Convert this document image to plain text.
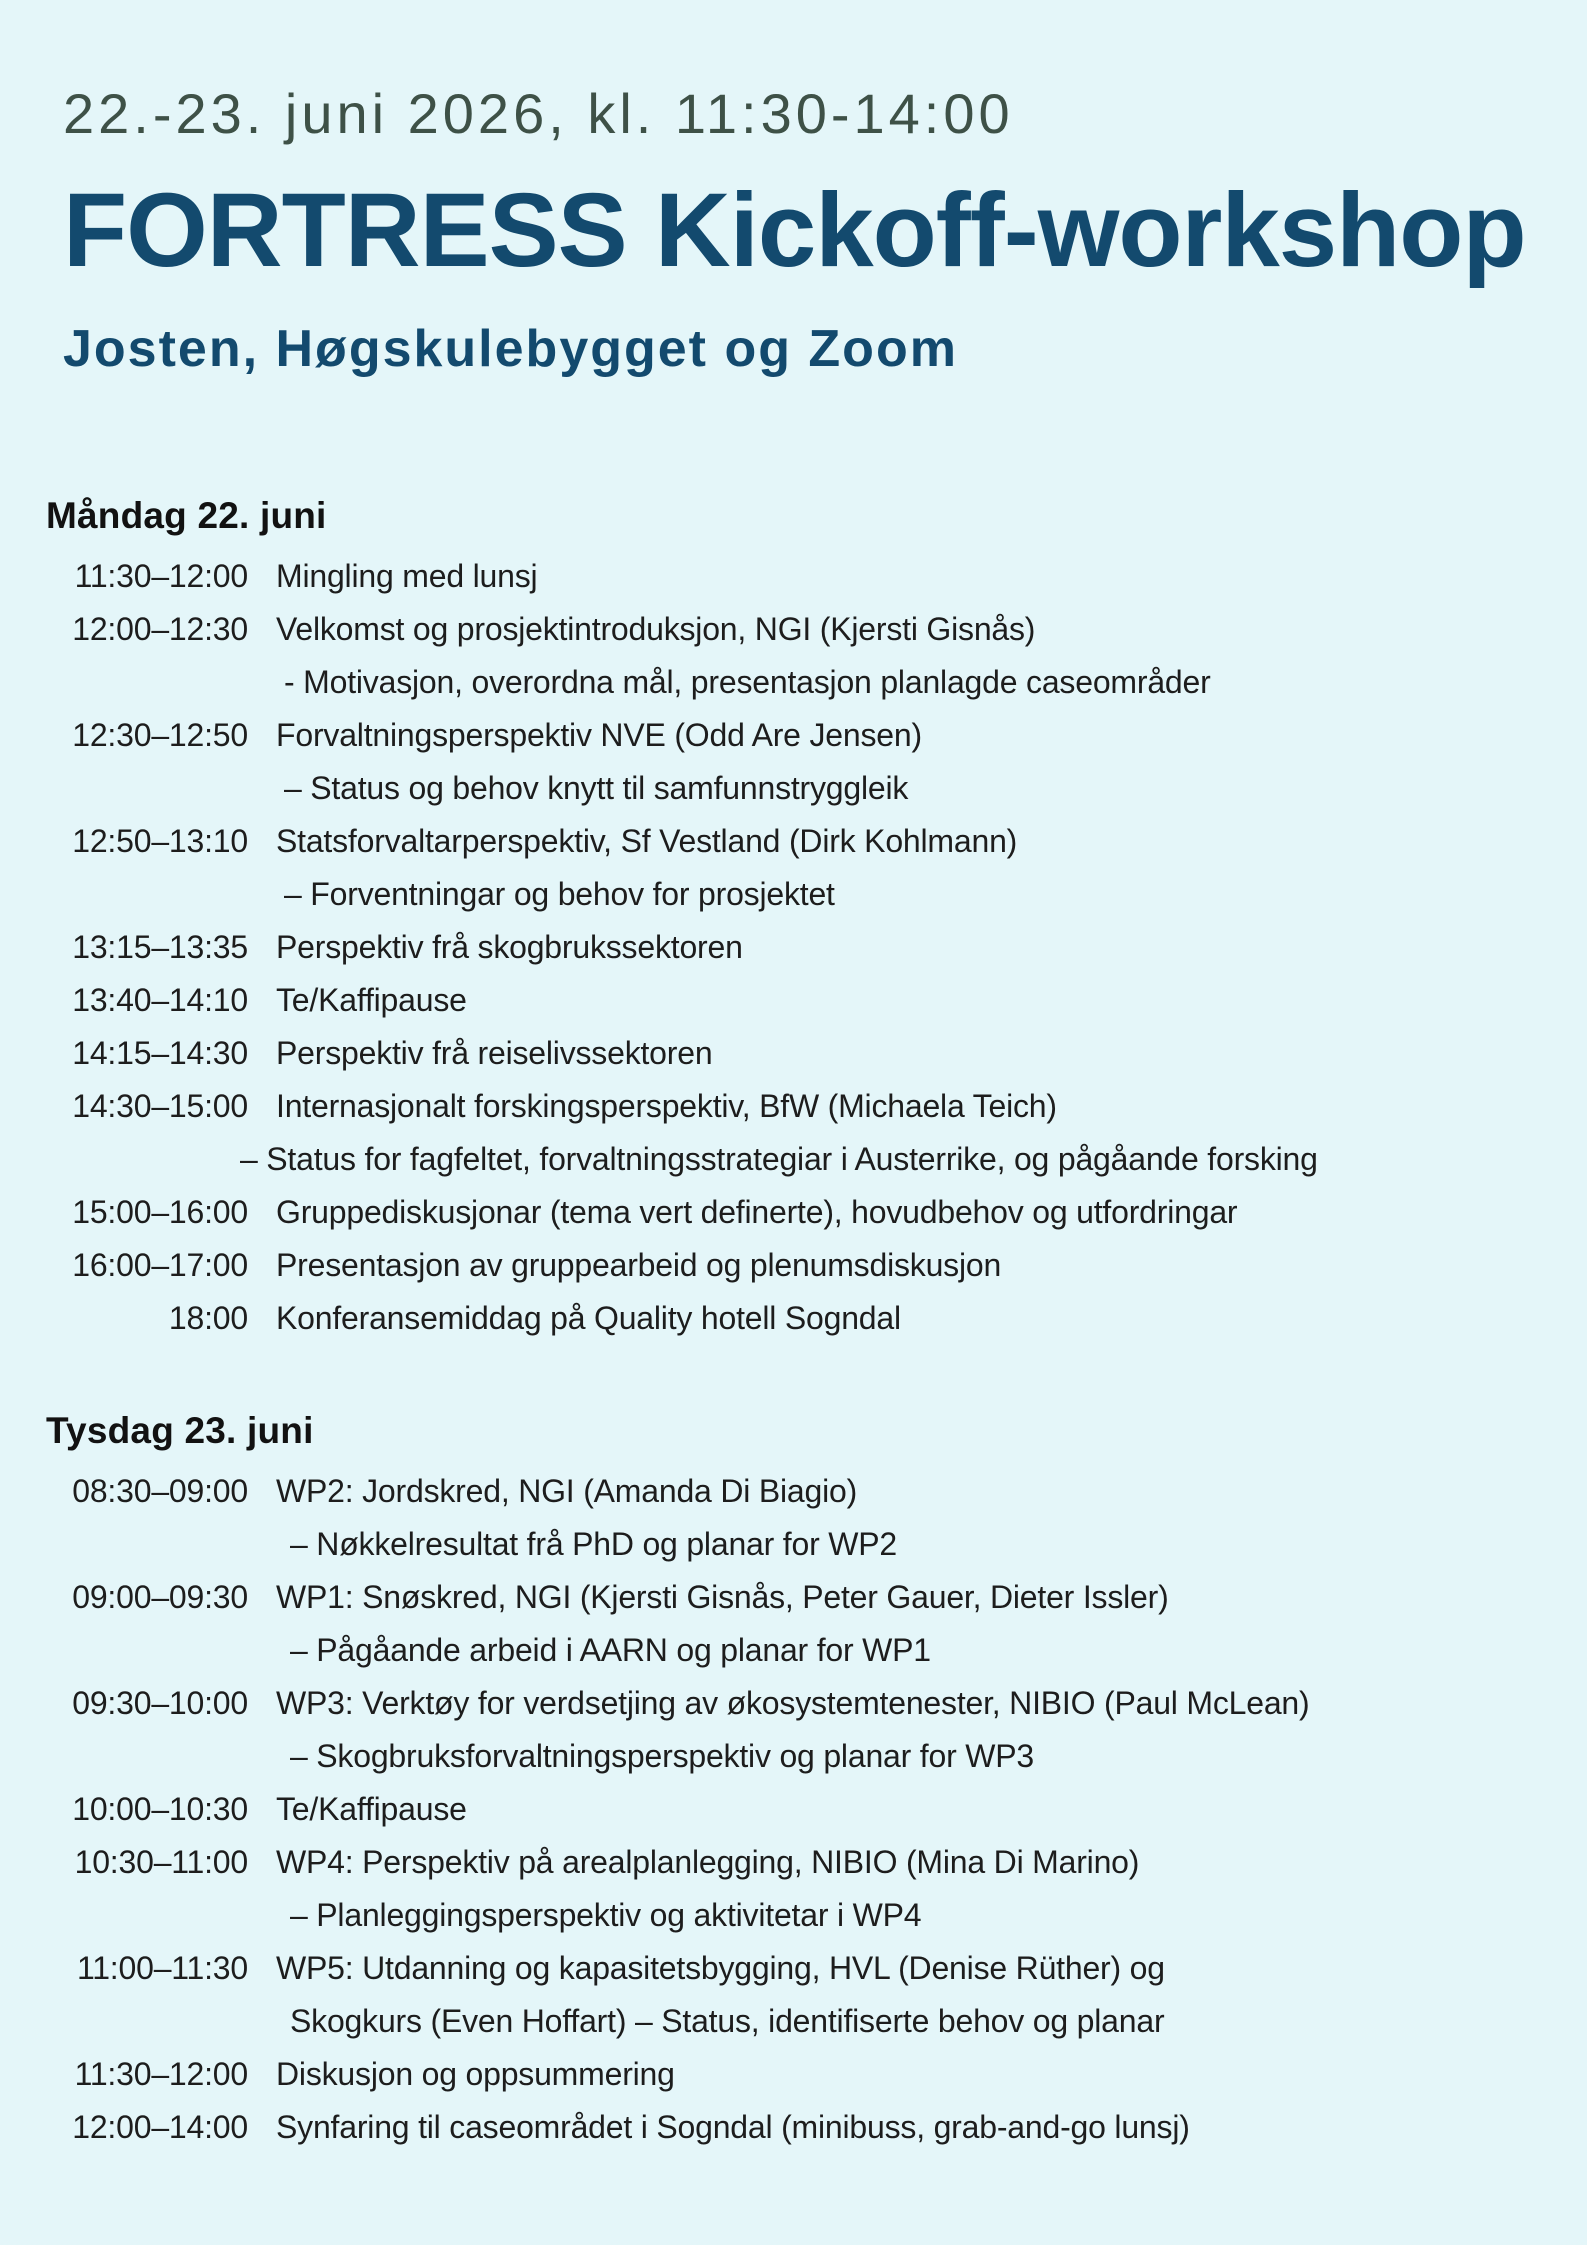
22.-23. juni 2026, kl. 11:30-14:00
FORTRESS Kickoff-workshop
Josten, Høgskulebygget og Zoom
Måndag 22. juni
11:30–12:00 Mingling med lunsj
12:00–12:30 Velkomst og prosjektintroduksjon, NGI (Kjersti Gisnås)
- Motivasjon, overordna mål, presentasjon planlagde caseområder
12:30–12:50 Forvaltningsperspektiv NVE (Odd Are Jensen)
– Status og behov knytt til samfunnstryggleik
12:50–13:10 Statsforvaltarperspektiv, Sf Vestland (Dirk Kohlmann)
– Forventningar og behov for prosjektet
13:15–13:35 Perspektiv frå skogbrukssektoren
13:40–14:10 Te/Kaffipause
14:15–14:30 Perspektiv frå reiselivssektoren
14:30–15:00 Internasjonalt forskingsperspektiv, BfW (Michaela Teich)
– Status for fagfeltet, forvaltningsstrategiar i Austerrike, og pågåande forsking
15:00–16:00 Gruppediskusjonar (tema vert definerte), hovudbehov og utfordringar
16:00–17:00 Presentasjon av gruppearbeid og plenumsdiskusjon
18:00 Konferansemiddag på Quality hotell Sogndal
Tysdag 23. juni
08:30–09:00 WP2: Jordskred, NGI (Amanda Di Biagio)
– Nøkkelresultat frå PhD og planar for WP2
09:00–09:30 WP1: Snøskred, NGI (Kjersti Gisnås, Peter Gauer, Dieter Issler)
– Pågåande arbeid i AARN og planar for WP1
09:30–10:00 WP3: Verktøy for verdsetjing av økosystemtenester, NIBIO (Paul McLean)
– Skogbruksforvaltningsperspektiv og planar for WP3
10:00–10:30 Te/Kaffipause
10:30–11:00 WP4: Perspektiv på arealplanlegging, NIBIO (Mina Di Marino)
– Planleggingsperspektiv og aktivitetar i WP4
11:00–11:30 WP5: Utdanning og kapasitetsbygging, HVL (Denise Rüther) og
Skogkurs (Even Hoffart) – Status, identifiserte behov og planar
11:30–12:00 Diskusjon og oppsummering
12:00–14:00 Synfaring til caseområdet i Sogndal (minibuss, grab-and-go lunsj)
